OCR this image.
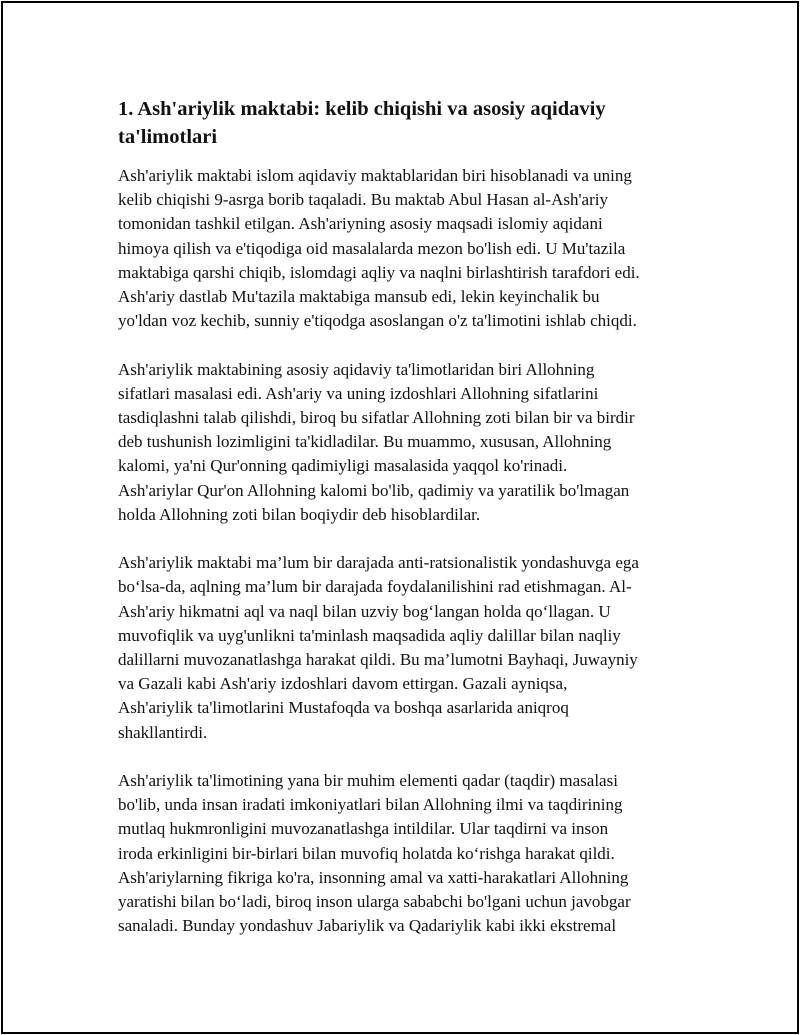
1. Ash'ariylik maktabi: kelib chiqishi va asosiy aqidaviy ta'limotlari

Ash'ariylik maktabi islom aqidaviy maktablaridan biri hisoblanadi va uning
kelib chiqishi 9-asrga borib taqaladi. Bu maktab Abul Hasan al-Ash'ariy
tomonidan tashkil etilgan. Ash'ariyning asosiy maqsadi islomiy aqidani
himoya qilish va e'tiqodiga oid masalalarda mezon bo'lish edi. U Mu'tazila
maktabiga qarshi chiqib, islomdagi aqliy va naqlni birlashtirish tarafdori edi.
Ash'ariy dastlab Mu'tazila maktabiga mansub edi, lekin keyinchalik bu
yo'ldan voz kechib, sunniy e'tiqodga asoslangan o'z ta'limotini ishlab chiqdi.

Ash'ariylik maktabining asosiy aqidaviy ta'limotlaridan biri Allohning
sifatlari masalasi edi. Ash'ariy va uning izdoshlari Allohning sifatlarini
tasdiqlashni talab qilishdi, biroq bu sifatlar Allohning zoti bilan bir va birdir
deb tushunish lozimligini ta'kidladilar. Bu muammo, xususan, Allohning
kalomi, ya'ni Qur'onning qadimiyligi masalasida yaqqol ko'rinadi.
Ash'ariylar Qur'on Allohning kalomi bo'lib, qadimiy va yaratilik bo'lmagan
holda Allohning zoti bilan boqiydir deb hisoblardilar.

Ash'ariylik maktabi ma’lum bir darajada anti-ratsionalistik yondashuvga ega
bo‘lsa-da, aqlning ma’lum bir darajada foydalanilishini rad etishmagan. Al-
Ash'ariy hikmatni aql va naql bilan uzviy bog‘langan holda qo‘llagan. U
muvofiqlik va uyg'unlikni ta'minlash maqsadida aqliy dalillar bilan naqliy
dalillarni muvozanatlashga harakat qildi. Bu ma’lumotni Bayhaqi, Juwayniy
va Gazali kabi Ash'ariy izdoshlari davom ettirgan. Gazali ayniqsa,
Ash'ariylik ta'limotlarini Mustafoqda va boshqa asarlarida aniqroq
shakllantirdi.

Ash'ariylik ta'limotining yana bir muhim elementi qadar (taqdir) masalasi
bo'lib, unda insan iradati imkoniyatlari bilan Allohning ilmi va taqdirining
mutlaq hukmronligini muvozanatlashga intildilar. Ular taqdirni va inson
iroda erkinligini bir-birlari bilan muvofiq holatda ko‘rishga harakat qildi.
Ash'ariylarning fikriga ko'ra, insonning amal va xatti-harakatlari Allohning
yaratishi bilan bo‘ladi, biroq inson ularga sababchi bo'lgani uchun javobgar
sanaladi. Bunday yondashuv Jabariylik va Qadariylik kabi ikki ekstremal
